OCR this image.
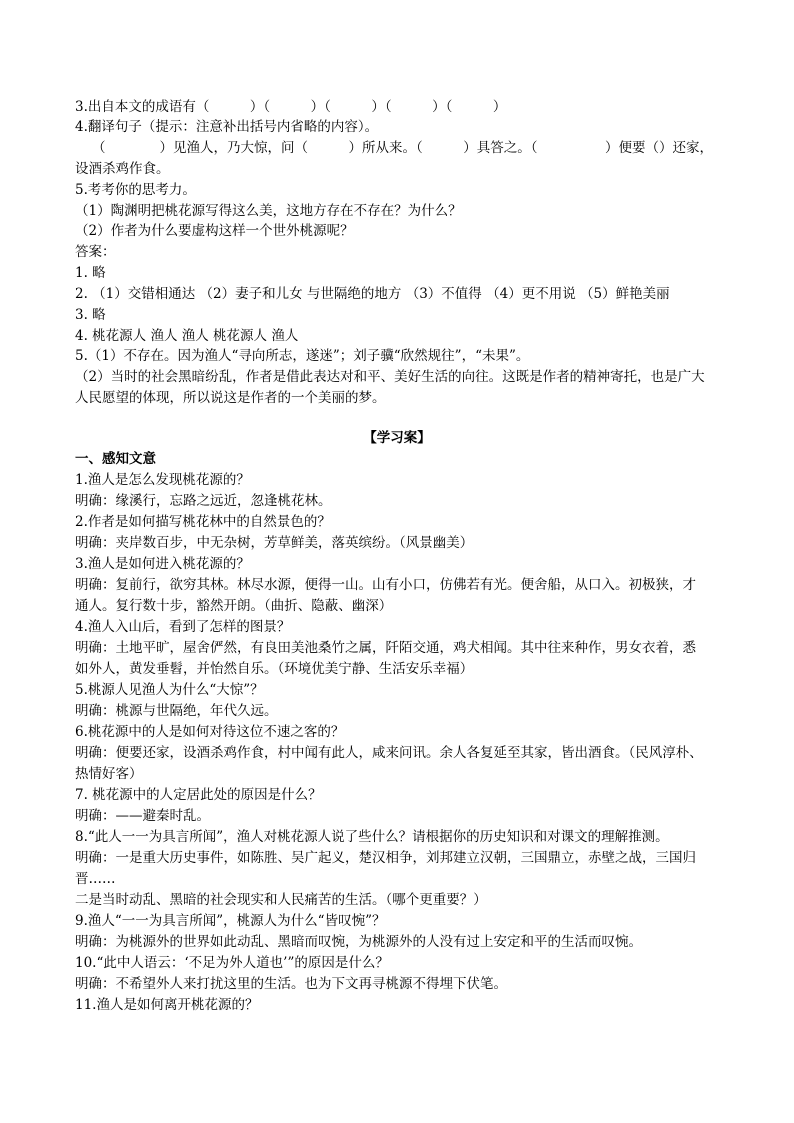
3.出自本文的成语有（　　　）（　　　）（　　　）（　　　）（　　　）
4.翻译句子（提示：注意补出括号内省略的内容）。
（　　　　）见渔人，乃大惊，问（　　　）所从来。（　　　）具答之。（　　　　　）便要（）还家，
设酒杀鸡作食。
5.考考你的思考力。
（1）陶渊明把桃花源写得这么美，这地方存在不存在？为什么？
（2）作者为什么要虚构这样一个世外桃源呢？
答案：
1. 略
2. （1）交错相通达 （2）妻子和儿女 与世隔绝的地方 （3）不值得 （4）更不用说 （5）鲜艳美丽
3. 略
4. 桃花源人 渔人 渔人 桃花源人 渔人
5.（1）不存在。因为渔人“寻向所志，遂迷”；刘子骥“欣然规往”，“未果”。
（2）当时的社会黑暗纷乱，作者是借此表达对和平、美好生活的向往。这既是作者的精神寄托，也是广大
人民愿望的体现，所以说这是作者的一个美丽的梦。
【学习案】
一、感知文意
1.渔人是怎么发现桃花源的？
明确：缘溪行，忘路之远近，忽逢桃花林。
2.作者是如何描写桃花林中的自然景色的？
明确：夹岸数百步，中无杂树，芳草鲜美，落英缤纷。（风景幽美）
3.渔人是如何进入桃花源的？
明确：复前行，欲穷其林。林尽水源，便得一山。山有小口，仿佛若有光。便舍船，从口入。初极狭，才
通人。复行数十步，豁然开朗。（曲折、隐蔽、幽深）
4.渔人入山后，看到了怎样的图景？
明确：土地平旷，屋舍俨然，有良田美池桑竹之属，阡陌交通，鸡犬相闻。其中往来种作，男女衣着，悉
如外人，黄发垂髫，并怡然自乐。（环境优美宁静、生活安乐幸福）
5.桃源人见渔人为什么“大惊”？
明确：桃源与世隔绝，年代久远。
6.桃花源中的人是如何对待这位不速之客的？
明确：便要还家，设酒杀鸡作食，村中闻有此人，咸来问讯。余人各复延至其家，皆出酒食。（民风淳朴、
热情好客）
7. 桃花源中的人定居此处的原因是什么？
明确：——避秦时乱。
8.“此人一一为具言所闻”，渔人对桃花源人说了些什么？请根据你的历史知识和对课文的理解推测。
明确：一是重大历史事件，如陈胜、吴广起义，楚汉相争，刘邦建立汉朝，三国鼎立，赤壁之战，三国归
晋……
二是当时动乱、黑暗的社会现实和人民痛苦的生活。（哪个更重要？）
9.渔人“一一为具言所闻”，桃源人为什么“皆叹惋”？
明确：为桃源外的世界如此动乱、黑暗而叹惋，为桃源外的人没有过上安定和平的生活而叹惋。
10.“此中人语云：‘不足为外人道也’”的原因是什么？
明确：不希望外人来打扰这里的生活。也为下文再寻桃源不得埋下伏笔。
11.渔人是如何离开桃花源的？
